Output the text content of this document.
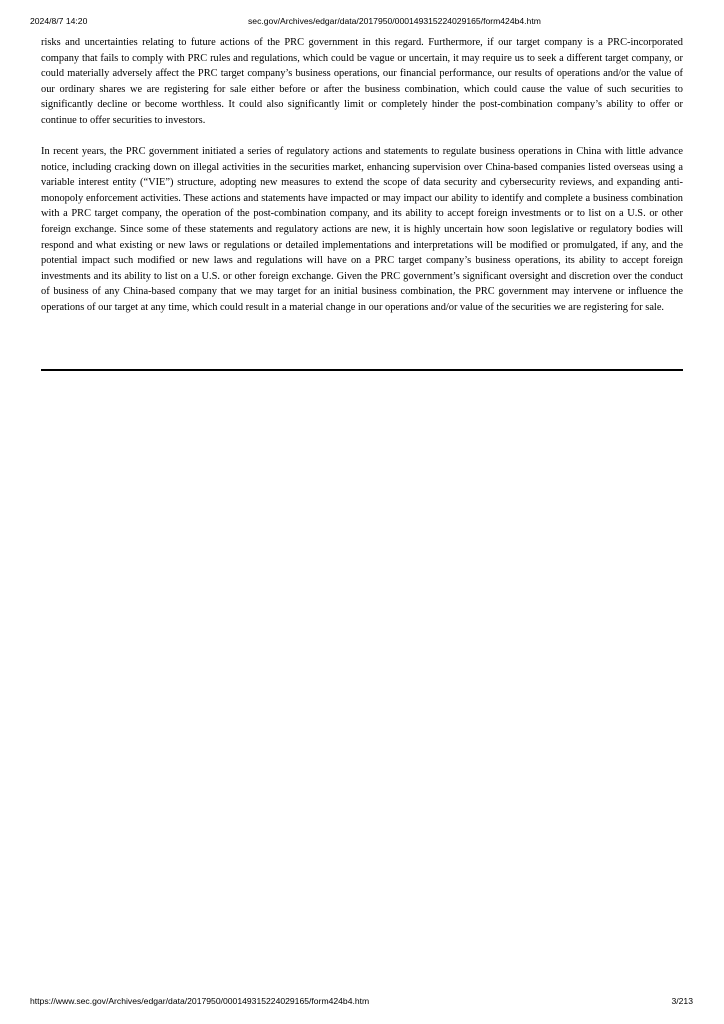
2024/8/7 14:20	sec.gov/Archives/edgar/data/2017950/000149315224029165/form424b4.htm

risks and uncertainties relating to future actions of the PRC government in this regard. Furthermore, if our target company is a PRC-incorporated company that fails to comply with PRC rules and regulations, which could be vague or uncertain, it may require us to seek a different target company, or could materially adversely affect the PRC target company’s business operations, our financial performance, our results of operations and/or the value of our ordinary shares we are registering for sale either before or after the business combination, which could cause the value of such securities to significantly decline or become worthless. It could also significantly limit or completely hinder the post-combination company’s ability to offer or continue to offer securities to investors.

In recent years, the PRC government initiated a series of regulatory actions and statements to regulate business operations in China with little advance notice, including cracking down on illegal activities in the securities market, enhancing supervision over China-based companies listed overseas using a variable interest entity (“VIE”) structure, adopting new measures to extend the scope of data security and cybersecurity reviews, and expanding anti-monopoly enforcement activities. These actions and statements have impacted or may impact our ability to identify and complete a business combination with a PRC target company, the operation of the post-combination company, and its ability to accept foreign investments or to list on a U.S. or other foreign exchange. Since some of these statements and regulatory actions are new, it is highly uncertain how soon legislative or regulatory bodies will respond and what existing or new laws or regulations or detailed implementations and interpretations will be modified or promulgated, if any, and the potential impact such modified or new laws and regulations will have on a PRC target company’s business operations, its ability to accept foreign investments and its ability to list on a U.S. or other foreign exchange. Given the PRC government’s significant oversight and discretion over the conduct of business of any China-based company that we may target for an initial business combination, the PRC government may intervene or influence the operations of our target at any time, which could result in a material change in our operations and/or value of the securities we are registering for sale.

https://www.sec.gov/Archives/edgar/data/2017950/000149315224029165/form424b4.htm	3/213
